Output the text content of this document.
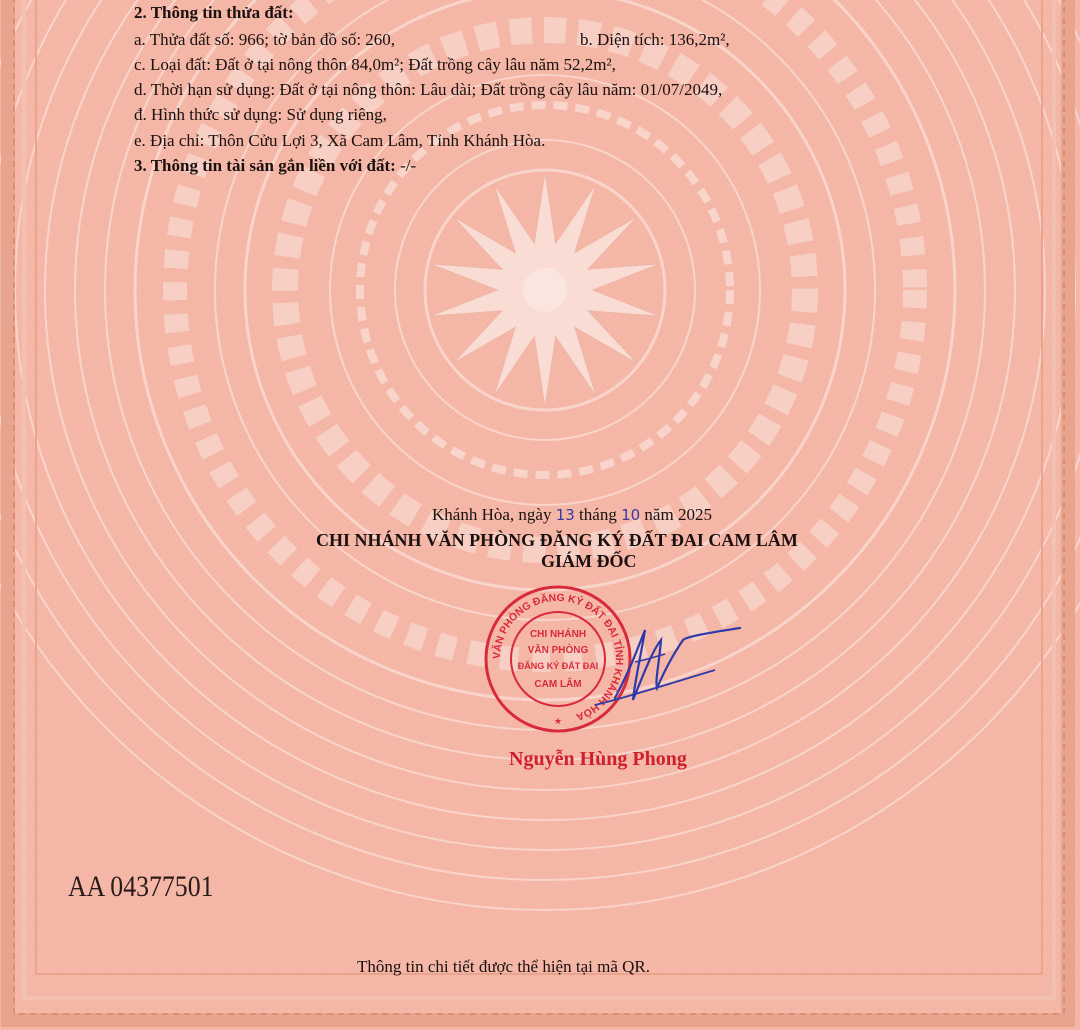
2. Thông tin thửa đất:
a. Thửa đất số: 966; tờ bản đồ số: 260,	b. Diện tích: 136,2m²,
c. Loại đất: Đất ở tại nông thôn 84,0m²; Đất trồng cây lâu năm 52,2m²,
d. Thời hạn sử dụng: Đất ở tại nông thôn: Lâu dài; Đất trồng cây lâu năm: 01/07/2049,
đ. Hình thức sử dụng: Sử dụng riêng,
e. Địa chỉ: Thôn Cửu Lợi 3, Xã Cam Lâm, Tỉnh Khánh Hòa.
3. Thông tin tài sản gắn liền với đất: -/-
Khánh Hòa, ngày 13 tháng 10 năm 2025
CHI NHÁNH VĂN PHÒNG ĐĂNG KÝ ĐẤT ĐAI CAM LÂM
GIÁM ĐỐC
VĂN PHÒNG ĐĂNG KÝ ĐẤT ĐAI TỈNH KHÁNH HÒA
CHI NHÁNH
VĂN PHÒNG
ĐĂNG KÝ ĐẤT ĐAI
CAM LÂM
★
Nguyễn Hùng Phong
AA 04377501
Thông tin chi tiết được thể hiện tại mã QR.
